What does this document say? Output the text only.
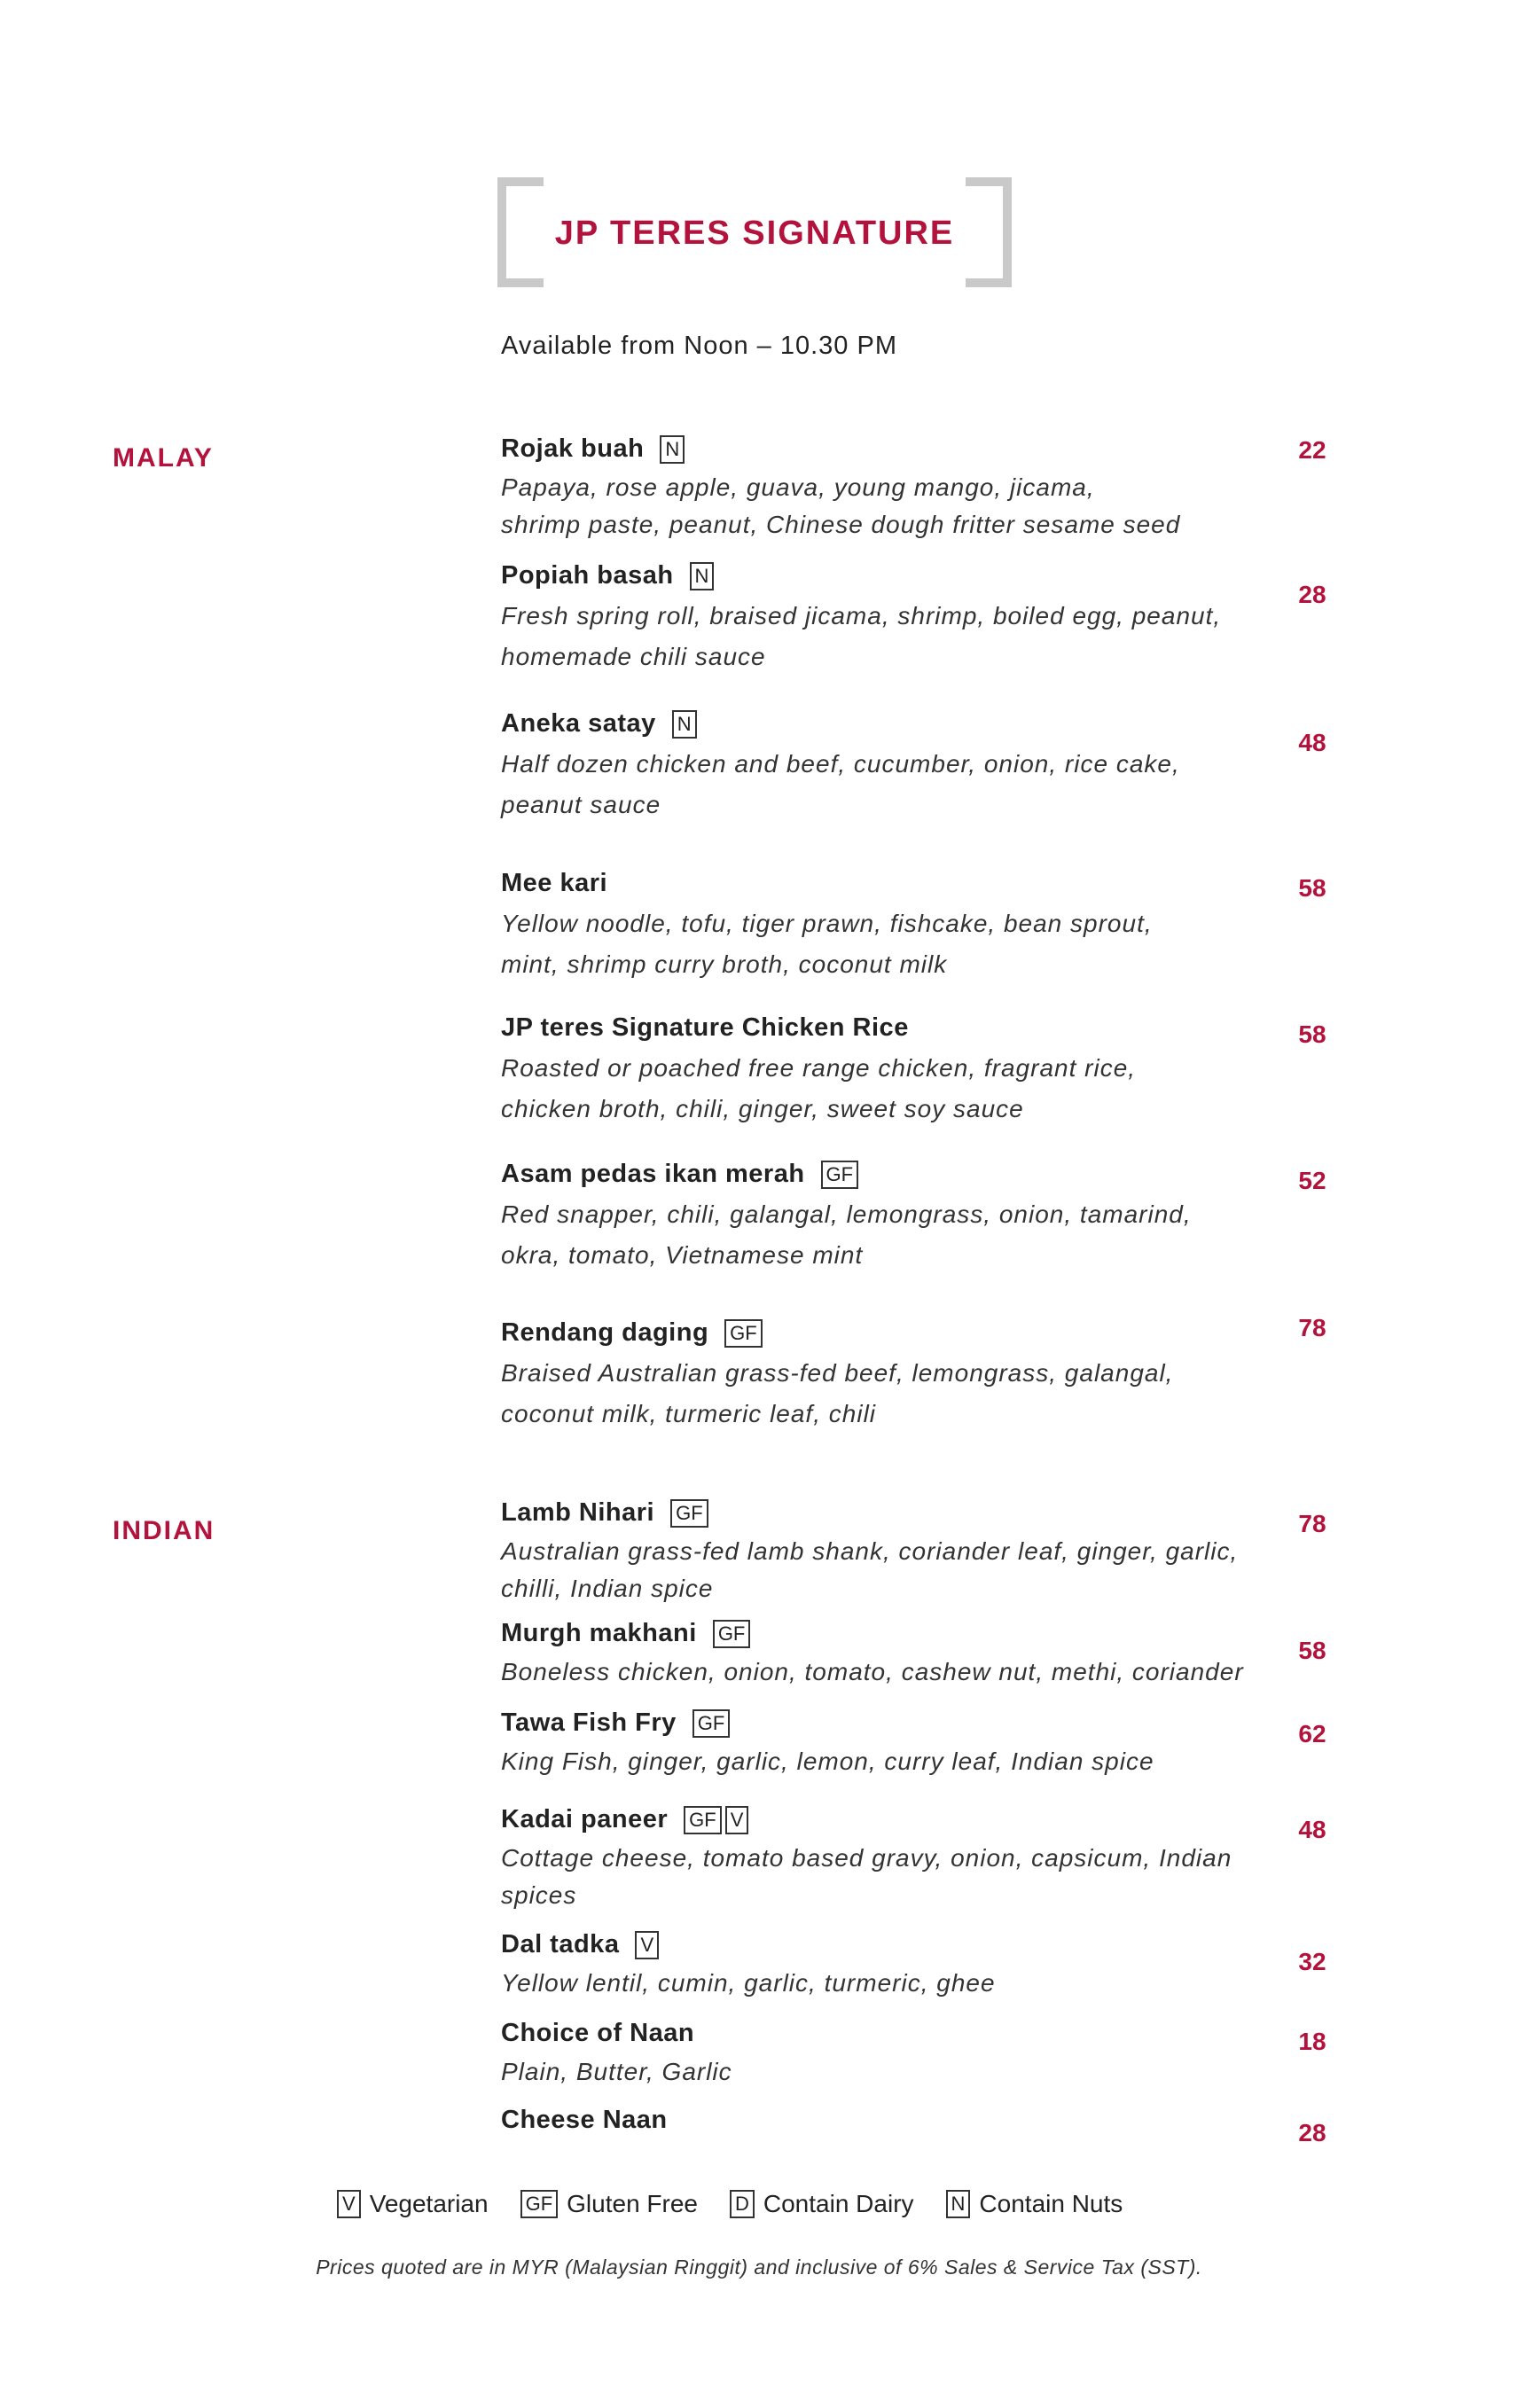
JP TERES SIGNATURE
Available from Noon – 10.30 PM
MALAY
INDIAN
Rojak buah N
Papaya, rose apple, guava, young mango, jicama,
shrimp paste, peanut, Chinese dough fritter sesame seed
22
Popiah basah N
Fresh spring roll, braised jicama, shrimp, boiled egg, peanut,
homemade chili sauce
28
Aneka satay N
Half dozen chicken and beef, cucumber, onion, rice cake,
peanut sauce
48
Mee kari
Yellow noodle, tofu, tiger prawn, fishcake, bean sprout,
mint, shrimp curry broth, coconut milk
58
JP teres Signature Chicken Rice
Roasted or poached free range chicken, fragrant rice,
chicken broth, chili, ginger, sweet soy sauce
58
Asam pedas ikan merah GF
Red snapper, chili, galangal, lemongrass, onion, tamarind,
okra, tomato, Vietnamese mint
52
Rendang daging GF
Braised Australian grass-fed beef, lemongrass, galangal,
coconut milk, turmeric leaf, chili
78
Lamb Nihari GF
Australian grass-fed lamb shank, coriander leaf, ginger, garlic,
chilli, Indian spice
78
Murgh makhani GF
Boneless chicken, onion, tomato, cashew nut, methi, coriander
58
Tawa Fish Fry GF
King Fish, ginger, garlic, lemon, curry leaf, Indian spice
62
Kadai paneer GF V
Cottage cheese, tomato based gravy, onion, capsicum, Indian
spices
48
Dal tadka V
Yellow lentil, cumin, garlic, turmeric, ghee
32
Choice of Naan
Plain, Butter, Garlic
18
Cheese Naan	28
V Vegetarian GF Gluten Free D Contain Dairy N Contain Nuts
Prices quoted are in MYR (Malaysian Ringgit) and inclusive of 6% Sales & Service Tax (SST).
